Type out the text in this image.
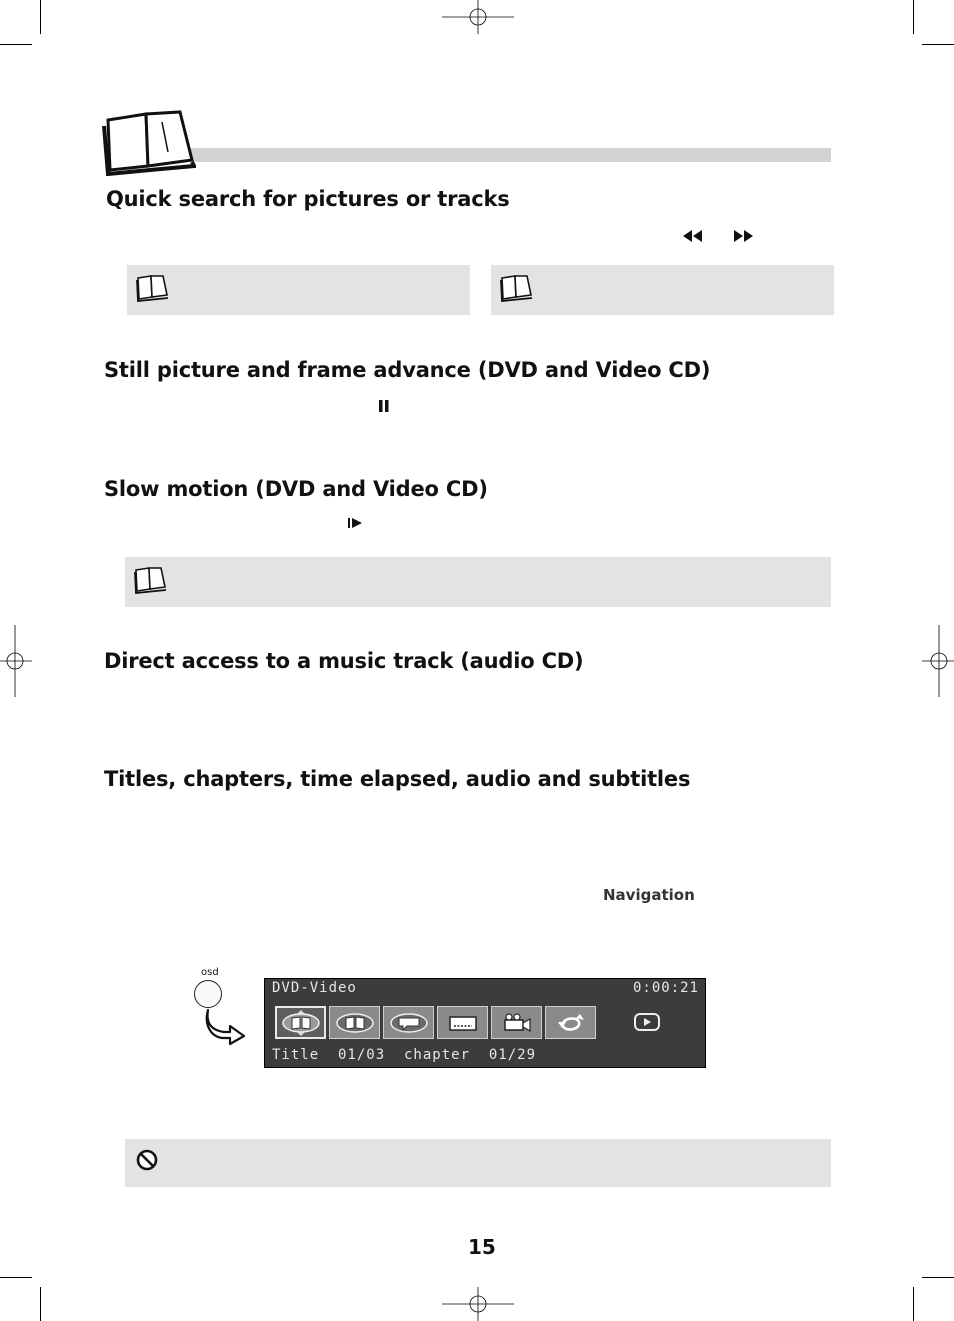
Quick search for pictures or tracks
Still picture and frame advance (DVD and Video CD)
Slow motion (DVD and Video CD)
Direct access to a music track (audio CD)
Titles, chapters, time elapsed, audio and subtitles
Navigation
osd
DVD-Video	0:00:21
Title  01/03  chapter  01/29
15
